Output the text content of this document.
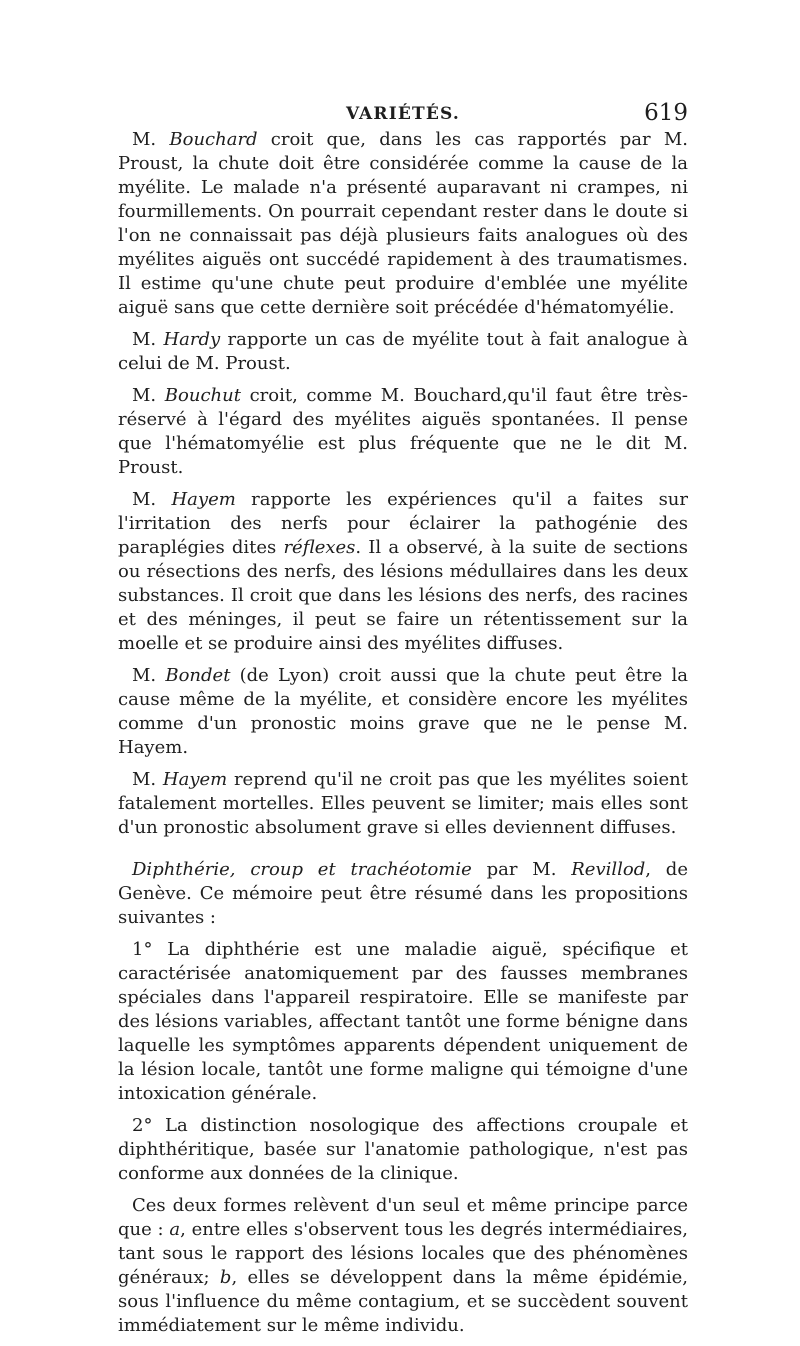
VARIÉTÉS.	619

M. Bouchard croit que, dans les cas rapportés par M. Proust, la chute doit être considérée comme la cause de la myélite. Le malade n'a présenté auparavant ni crampes, ni fourmillements. On pourrait cependant rester dans le doute si l'on ne connaissait pas déjà plusieurs faits analogues où des myélites aiguës ont succédé rapidement à des traumatismes. Il estime qu'une chute peut produire d'emblée une myélite aiguë sans que cette dernière soit précédée d'hématomyélie.

M. Hardy rapporte un cas de myélite tout à fait analogue à celui de M. Proust.

M. Bouchut croit, comme M. Bouchard,qu'il faut être très-réservé à l'égard des myélites aiguës spontanées. Il pense que l'hématomyélie est plus fréquente que ne le dit M. Proust.

M. Hayem rapporte les expériences qu'il a faites sur l'irritation des nerfs pour éclairer la pathogénie des paraplégies dites réflexes. Il a observé, à la suite de sections ou résections des nerfs, des lésions médullaires dans les deux substances. Il croit que dans les lésions des nerfs, des racines et des méninges, il peut se faire un rétentissement sur la moelle et se produire ainsi des myélites diffuses.

M. Bondet (de Lyon) croit aussi que la chute peut être la cause même de la myélite, et considère encore les myélites comme d'un pronostic moins grave que ne le pense M. Hayem.

M. Hayem reprend qu'il ne croit pas que les myélites soient fatalement mortelles. Elles peuvent se limiter; mais elles sont d'un pronostic absolument grave si elles deviennent diffuses.

Diphthérie, croup et trachéotomie par M. Revillod, de Genève. Ce mémoire peut être résumé dans les propositions suivantes :

1° La diphthérie est une maladie aiguë, spécifique et caractérisée anatomiquement par des fausses membranes spéciales dans l'appareil respiratoire. Elle se manifeste par des lésions variables, affectant tantôt une forme bénigne dans laquelle les symptômes apparents dépendent uniquement de la lésion locale, tantôt une forme maligne qui témoigne d'une intoxication générale.

2° La distinction nosologique des affections croupale et diphthéritique, basée sur l'anatomie pathologique, n'est pas conforme aux données de la clinique.

Ces deux formes relèvent d'un seul et même principe parce que : a, entre elles s'observent tous les degrés intermédiaires, tant sous le rapport des lésions locales que des phénomènes généraux; b, elles se développent dans la même épidémie, sous l'influence du même contagium, et se succèdent souvent immédiatement sur le même individu.
